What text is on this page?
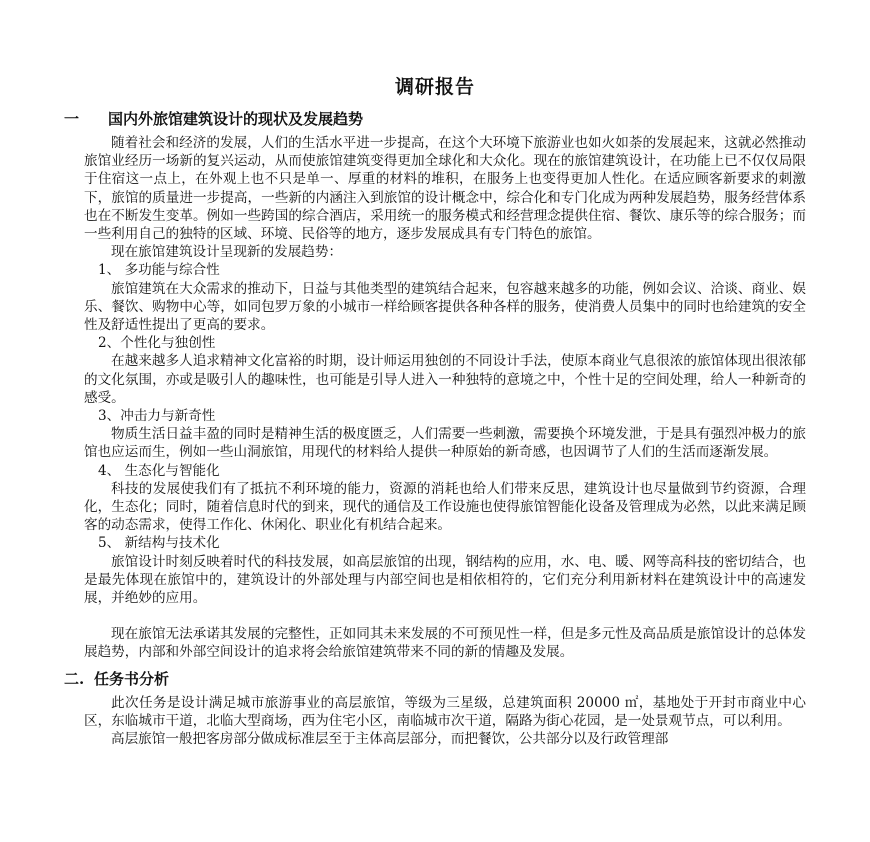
调研报告
一 国内外旅馆建筑设计的现状及发展趋势

随着社会和经济的发展，人们的生活水平进一步提高，在这个大环境下旅游业也如火如荼的发展起来，这就必然推动旅馆业经历一场新的复兴运动，从而使旅馆建筑变得更加全球化和大众化。现在的旅馆建筑设计，在功能上已不仅仅局限于住宿这一点上，在外观上也不只是单一、厚重的材料的堆积，在服务上也变得更加人性化。在适应顾客新要求的刺激下，旅馆的质量进一步提高，一些新的内涵注入到旅馆的设计概念中，综合化和专门化成为两种发展趋势，服务经营体系也在不断发生变革。例如一些跨国的综合酒店，采用统一的服务模式和经营理念提供住宿、餐饮、康乐等的综合服务；而一些利用自己的独特的区域、环境、民俗等的地方，逐步发展成具有专门特色的旅馆。

现在旅馆建筑设计呈现新的发展趋势：

1、 多功能与综合性

旅馆建筑在大众需求的推动下，日益与其他类型的建筑结合起来，包容越来越多的功能，例如会议、洽谈、商业、娱乐、餐饮、购物中心等，如同包罗万象的小城市一样给顾客提供各种各样的服务，使消费人员集中的同时也给建筑的安全性及舒适性提出了更高的要求。

2、个性化与独创性

在越来越多人追求精神文化富裕的时期，设计师运用独创的不同设计手法，使原本商业气息很浓的旅馆体现出很浓郁的文化氛围，亦或是吸引人的趣味性，也可能是引导人进入一种独特的意境之中，个性十足的空间处理，给人一种新奇的感受。

3、冲击力与新奇性

物质生活日益丰盈的同时是精神生活的极度匮乏，人们需要一些刺激，需要换个环境发泄，于是具有强烈冲极力的旅馆也应运而生，例如一些山洞旅馆，用现代的材料给人提供一种原始的新奇感，也因调节了人们的生活而逐渐发展。

4、 生态化与智能化

科技的发展使我们有了抵抗不利环境的能力，资源的消耗也给人们带来反思，建筑设计也尽量做到节约资源，合理化，生态化；同时，随着信息时代的到来，现代的通信及工作设施也使得旅馆智能化设备及管理成为必然，以此来满足顾客的动态需求，使得工作化、休闲化、职业化有机结合起来。

5、 新结构与技术化

旅馆设计时刻反映着时代的科技发展，如高层旅馆的出现，钢结构的应用，水、电、暖、网等高科技的密切结合，也是最先体现在旅馆中的，建筑设计的外部处理与内部空间也是相依相符的，它们充分利用新材料在建筑设计中的高速发展，并绝妙的应用。

现在旅馆无法承诺其发展的完整性，正如同其未来发展的不可预见性一样，但是多元性及高品质是旅馆设计的总体发展趋势，内部和外部空间设计的追求将会给旅馆建筑带来不同的新的情趣及发展。

二. 任务书分析

此次任务是设计满足城市旅游事业的高层旅馆，等级为三星级，总建筑面积 20000 ㎡，基地处于开封市商业中心区，东临城市干道，北临大型商场，西为住宅小区，南临城市次干道，隔路为街心花园，是一处景观节点，可以利用。

高层旅馆一般把客房部分做成标准层至于主体高层部分，而把餐饮，公共部分以及行政管理部
